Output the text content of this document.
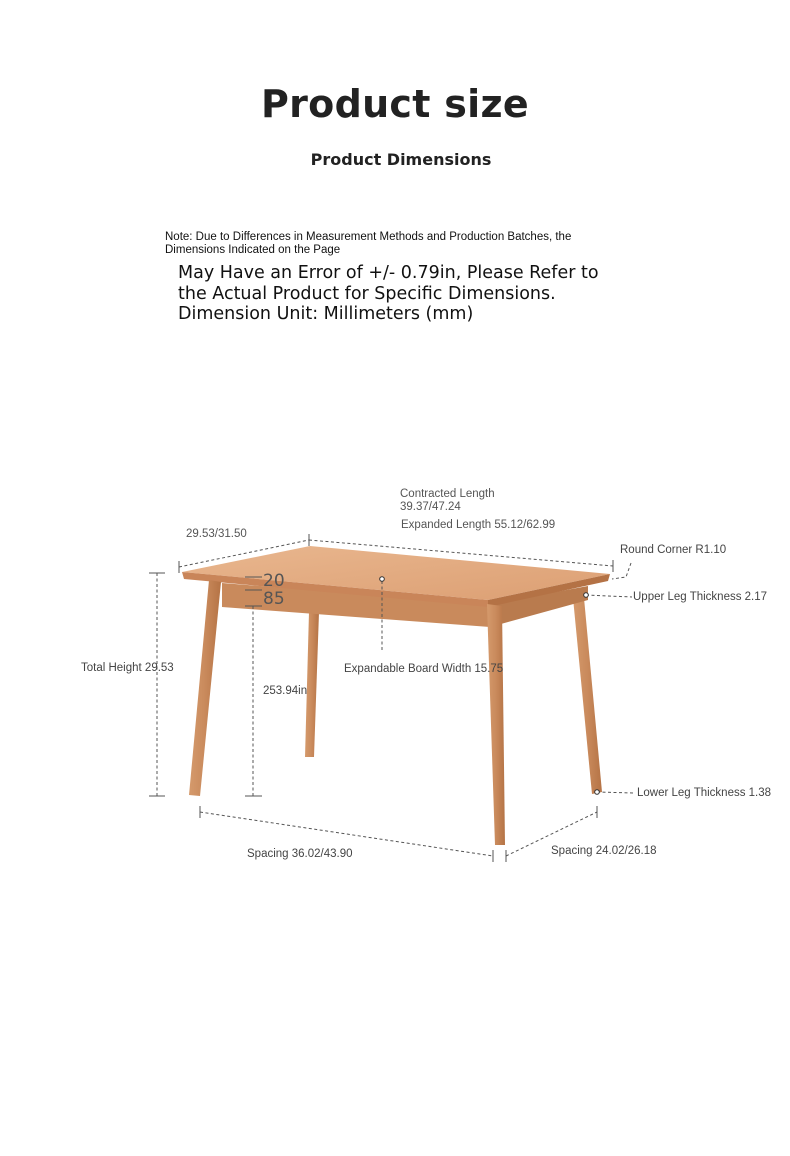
Product size
Product Dimensions
Note: Due to Differences in Measurement Methods and Production Batches, the
Dimensions Indicated on the Page
May Have an Error of +/- 0.79in, Please Refer to
the Actual Product for Specific Dimensions.
Dimension Unit: Millimeters (mm)
Contracted Length
39.37/47.24
Expanded Length 55.12/62.99
29.53/31.50
Round Corner R1.10
Upper Leg Thickness 2.17
Total Height 29.53
20
85
Expandable Board Width 15.75
253.94in
Lower Leg Thickness 1.38
Spacing 36.02/43.90	Spacing 24.02/26.18
